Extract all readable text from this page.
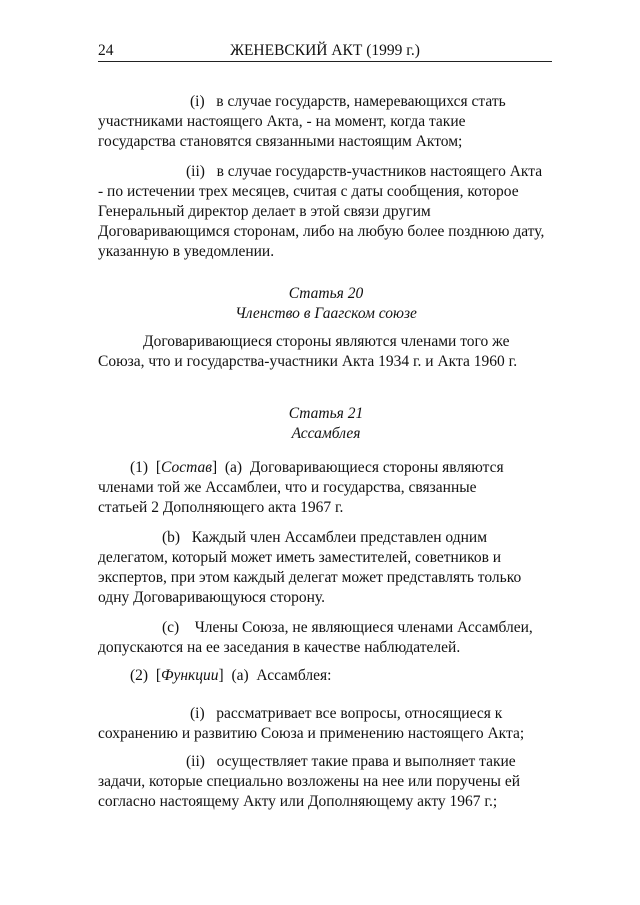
24	ЖЕНЕВСКИЙ АКТ (1999 г.)
(i) в случае государств, намеревающихся стать
участниками настоящего Акта, - на момент, когда такие
государства становятся связанными настоящим Актом;
(ii) в случае государств-участников настоящего Акта
- по истечении трех месяцев, считая с даты сообщения, которое
Генеральный директор делает в этой связи другим
Договаривающимся сторонам, либо на любую более позднюю дату,
указанную в уведомлении.
Статья 20
Членство в Гаагском союзе
Договаривающиеся стороны являются членами того же
Союза, что и государства-участники Акта 1934 г. и Акта 1960 г.
Статья 21
Ассамблея
(1)  [Состав]  (a) Договаривающиеся стороны являются
членами той же Ассамблеи, что и государства, связанные
статьей 2 Дополняющего акта 1967 г.
(b) Каждый член Ассамблеи представлен одним
делегатом, который может иметь заместителей, советников и
экспертов, при этом каждый делегат может представлять только
одну Договаривающуюся сторону.
(c) Члены Союза, не являющиеся членами Ассамблеи,
допускаются на ее заседания в качестве наблюдателей.
(2)  [Функции]  (a) Ассамблея:
(i) рассматривает все вопросы, относящиеся к
сохранению и развитию Союза и применению настоящего Акта;
(ii) осуществляет такие права и выполняет такие
задачи, которые специально возложены на нее или поручены ей
согласно настоящему Акту или Дополняющему акту 1967 г.;
